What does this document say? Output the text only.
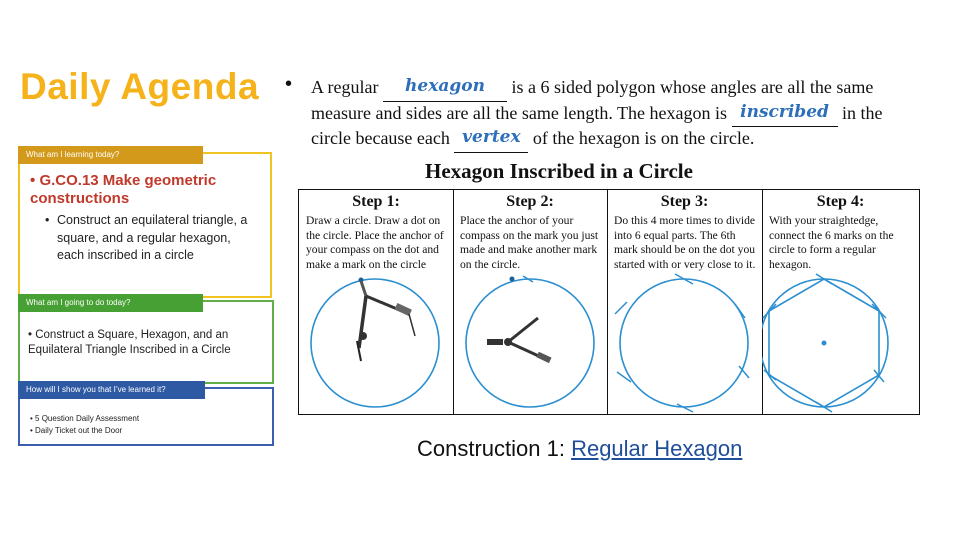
Daily Agenda
What am I learning today?
• G.CO.13 Make geometric constructions
• Construct an equilateral triangle, a square, and a regular hexagon, each inscribed in a circle
What am I going to do today?
• Construct a Square, Hexagon, and an Equilateral Triangle Inscribed in a Circle
How will I show you that I’ve learned it?
• 5 Question Daily Assessment
• Daily Ticket out the Door
• A regular hexagon is a 6 sided polygon whose angles are all the same measure and sides are all the same length. The hexagon is inscribed in the circle because each vertex of the hexagon is on the circle.
Hexagon Inscribed in a Circle
Step 1:
Draw a circle. Draw a dot on the circle. Place the anchor of your compass on the dot and make a mark on the circle
Step 2:
Place the anchor of your compass on the mark you just made and make another mark on the circle.
Step 3:
Do this 4 more times to divide into 6 equal parts. The 6th mark should be on the dot you started with or very close to it.
Step 4:
With your straightedge, connect the 6 marks on the circle to form a regular hexagon.
Construction 1: Regular Hexagon
